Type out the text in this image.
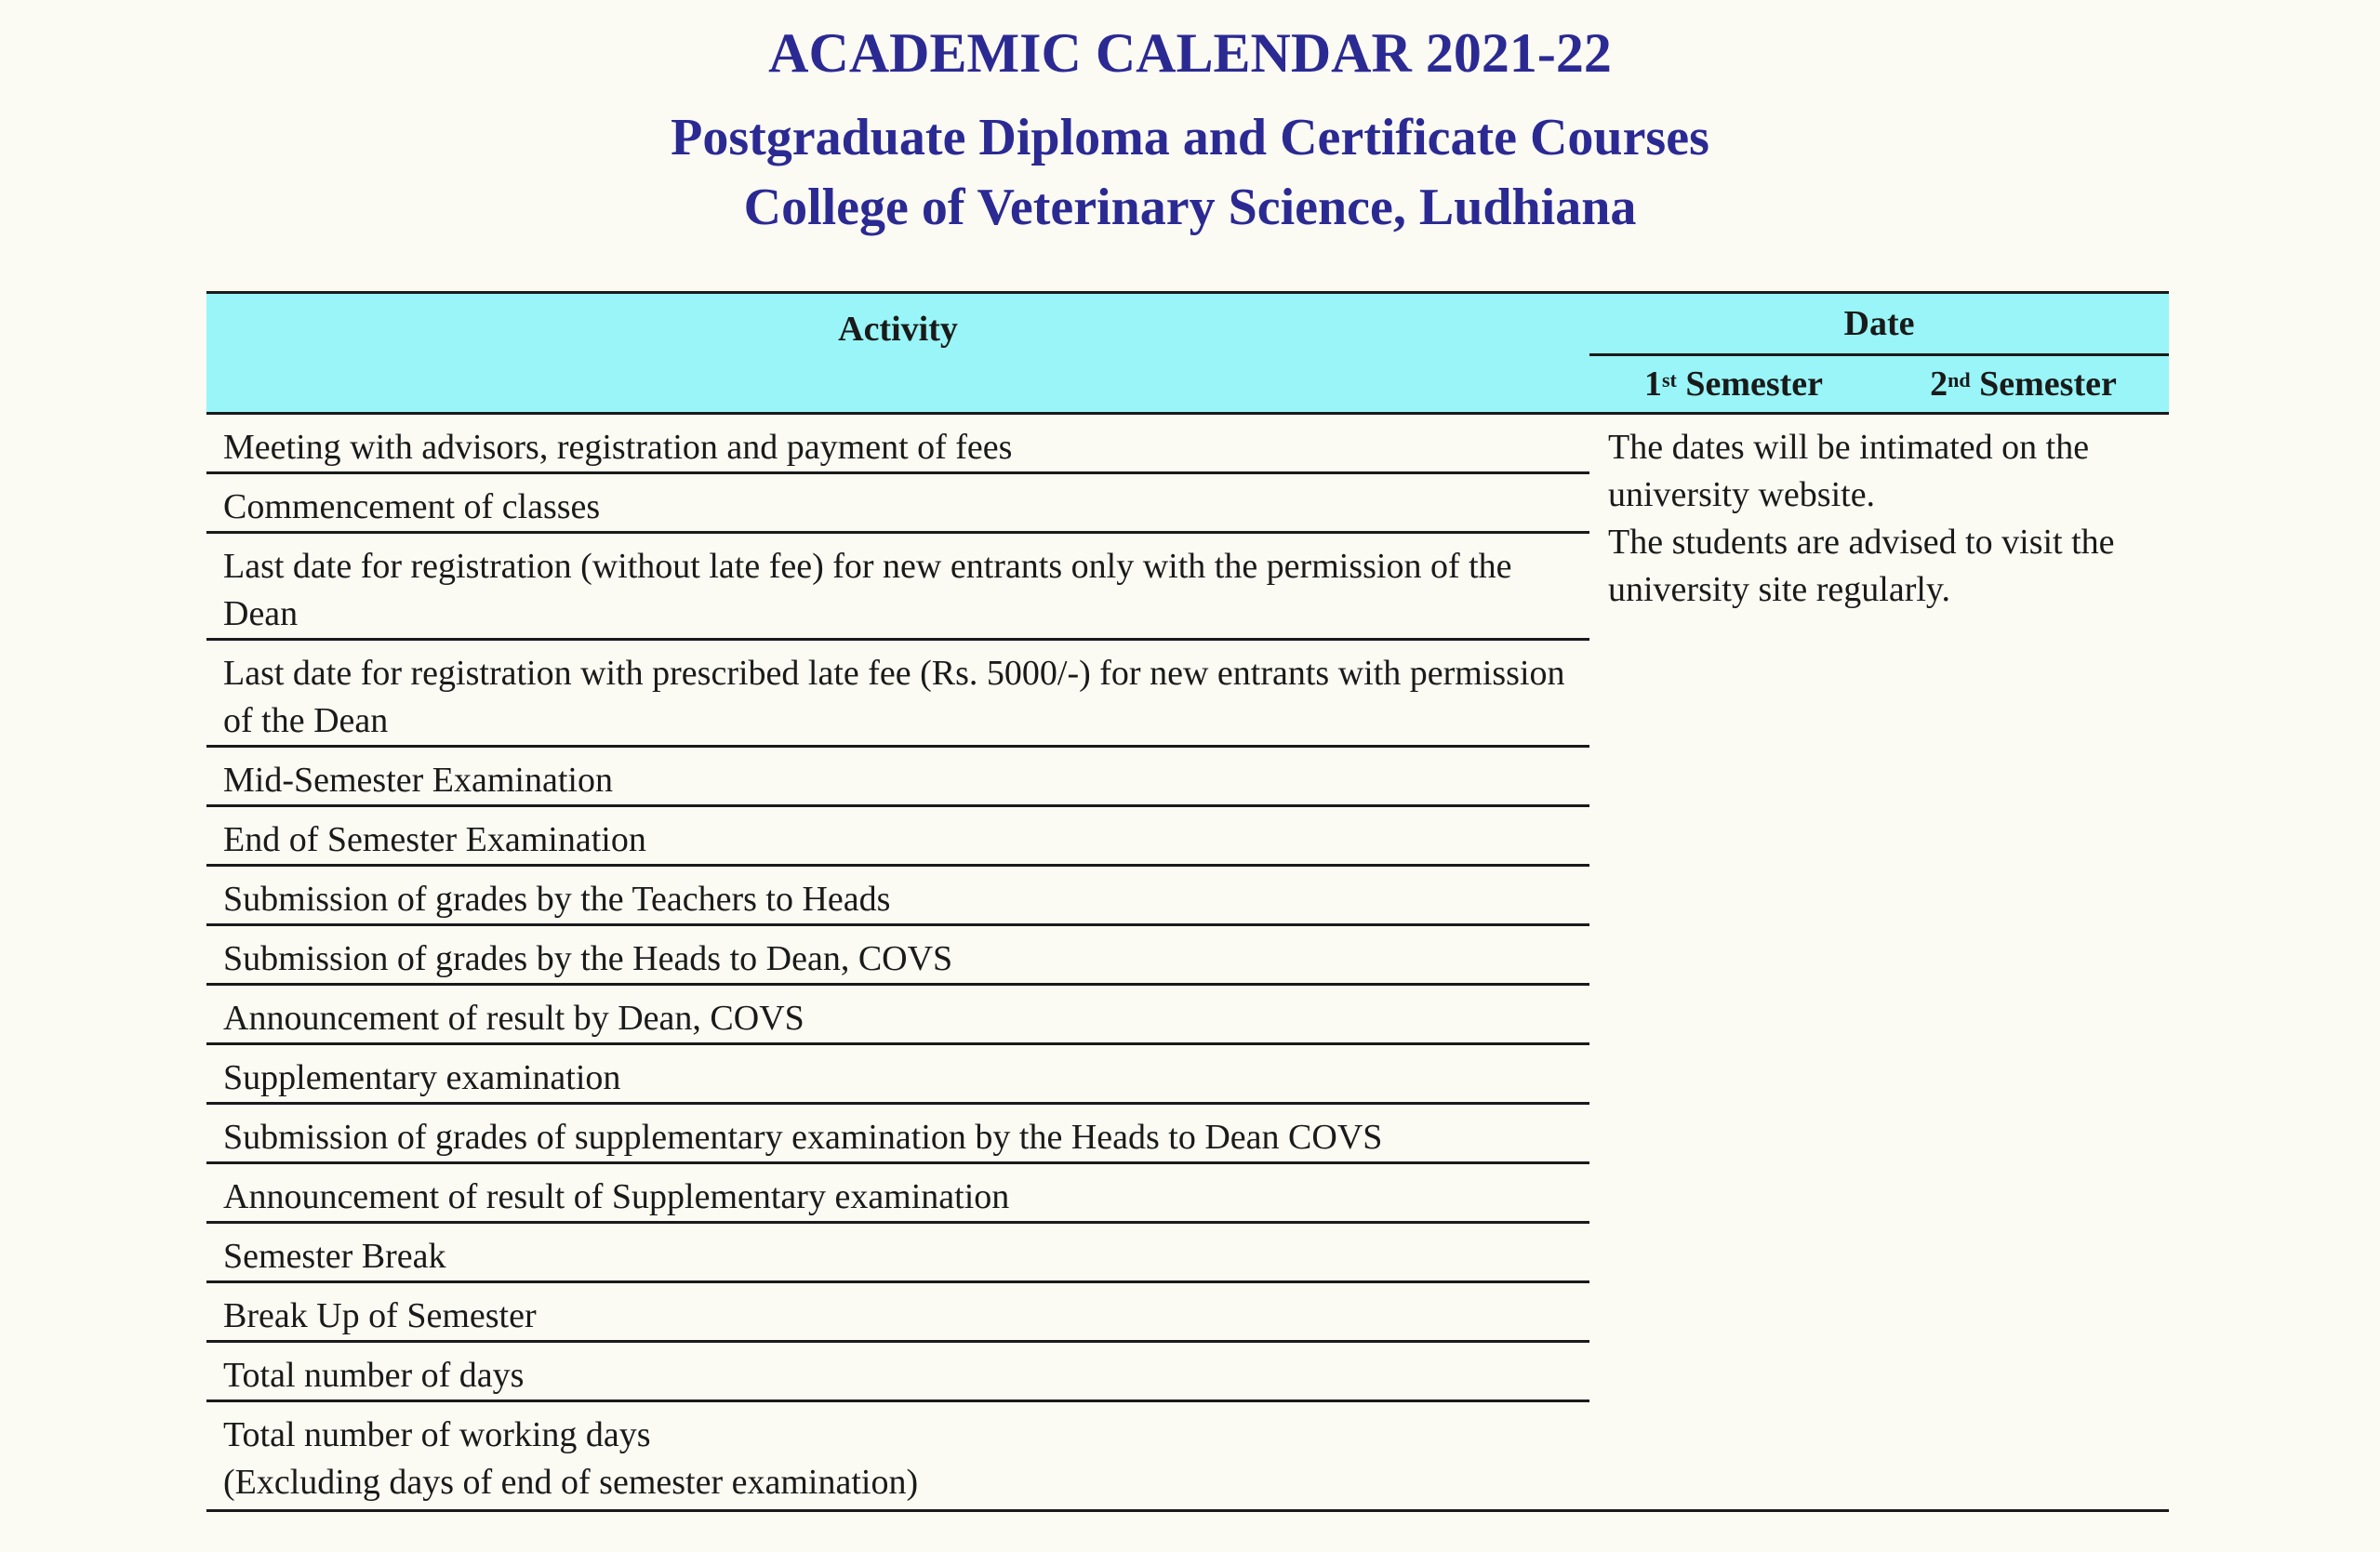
ACADEMIC CALENDAR 2021-22
Postgraduate Diploma and Certificate Courses
College of Veterinary Science, Ludhiana
Activity	Date
1st Semester	2nd Semester
Meeting with advisors, registration and payment of fees
Commencement of classes
Last date for registration (without late fee) for new entrants only with the permission of the Dean
Last date for registration with prescribed late fee (Rs. 5000/-) for new entrants with permission of the Dean
Mid-Semester Examination
End of Semester Examination
Submission of grades by the Teachers to Heads
Submission of grades by the Heads to Dean, COVS
Announcement of result by Dean, COVS
Supplementary examination
Submission of grades of supplementary examination by the Heads to Dean COVS
Announcement of result of Supplementary examination
Semester Break
Break Up of Semester
Total number of days
Total number of working days
(Excluding days of end of semester examination)

The dates will be intimated on the university website.

The students are advised to visit the university site regularly.
